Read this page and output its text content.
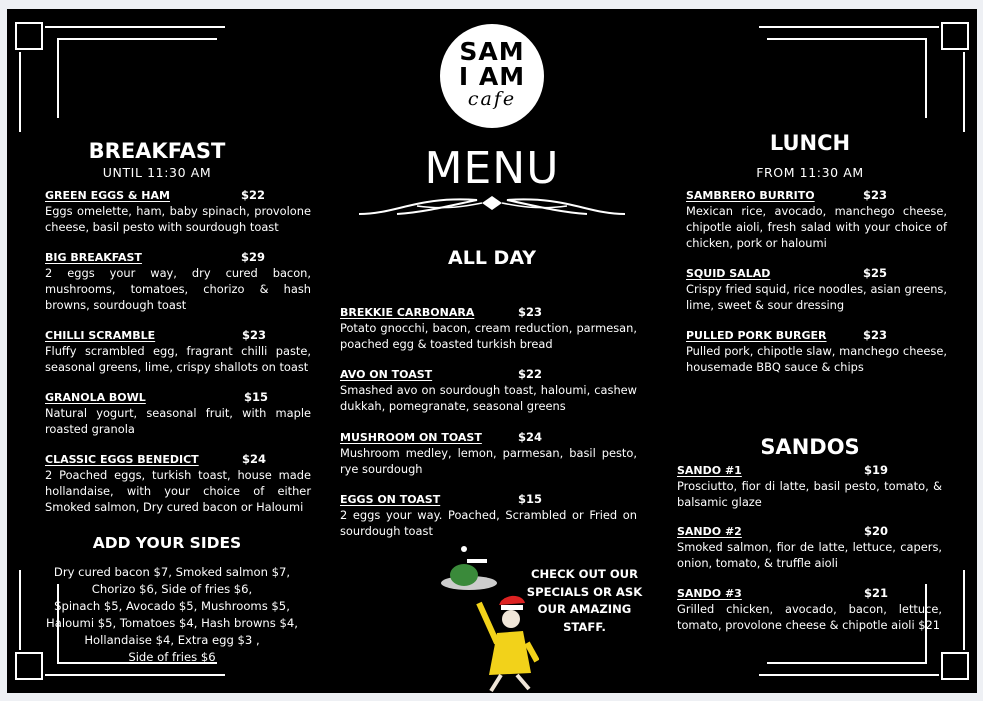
SAM
I AM
cafe
MENU
BREAKFAST
UNTIL 11:30 AM
GREEN EGGS & HAM	$22
Eggs omelette, ham, baby spinach, provolone cheese, basil pesto with sourdough toast
BIG BREAKFAST	$29
2 eggs your way, dry cured bacon, mushrooms, tomatoes, chorizo & hash browns, sourdough toast
CHILLI SCRAMBLE	$23
Fluffy scrambled egg, fragrant chilli paste, seasonal greens, lime, crispy shallots on toast
GRANOLA BOWL	$15
Natural yogurt, seasonal fruit, with maple roasted granola
CLASSIC EGGS BENEDICT	$24
2 Poached eggs, turkish toast, house made hollandaise, with your choice of either Smoked salmon, Dry cured bacon or Haloumi
ADD YOUR SIDES
Dry cured bacon $7, Smoked salmon $7,
Chorizo $6, Side of fries $6,
Spinach $5, Avocado $5, Mushrooms $5,
Haloumi $5, Tomatoes $4, Hash browns $4,
Hollandaise $4, Extra egg $3 ,
Side of fries $6
ALL DAY
BREKKIE CARBONARA	$23
Potato gnocchi, bacon, cream reduction, parmesan, poached egg & toasted turkish bread
AVO ON TOAST	$22
Smashed avo on sourdough toast, haloumi, cashew dukkah, pomegranate, seasonal greens
MUSHROOM ON TOAST	$24
Mushroom medley, lemon, parmesan, basil pesto, rye sourdough
EGGS ON TOAST	$15
2 eggs your way. Poached, Scrambled or Fried on sourdough toast
CHECK OUT OUR
SPECIALS OR ASK
OUR AMAZING
STAFF.
LUNCH
FROM 11:30 AM
SAMBRERO BURRITO	$23
Mexican rice, avocado, manchego cheese, chipotle aioli, fresh salad with your choice of chicken, pork or haloumi
SQUID SALAD	$25
Crispy fried squid, rice noodles, asian greens, lime, sweet & sour dressing
PULLED PORK BURGER	$23
Pulled pork, chipotle slaw, manchego cheese, housemade BBQ sauce & chips
SANDOS
SANDO #1	$19
Prosciutto, fior di latte, basil pesto, tomato, & balsamic glaze
SANDO #2	$20
Smoked salmon, fior de latte, lettuce, capers, onion, tomato, & truffle aioli
SANDO #3	$21
Grilled chicken, avocado, bacon, lettuce, tomato, provolone cheese & chipotle aioli $21
